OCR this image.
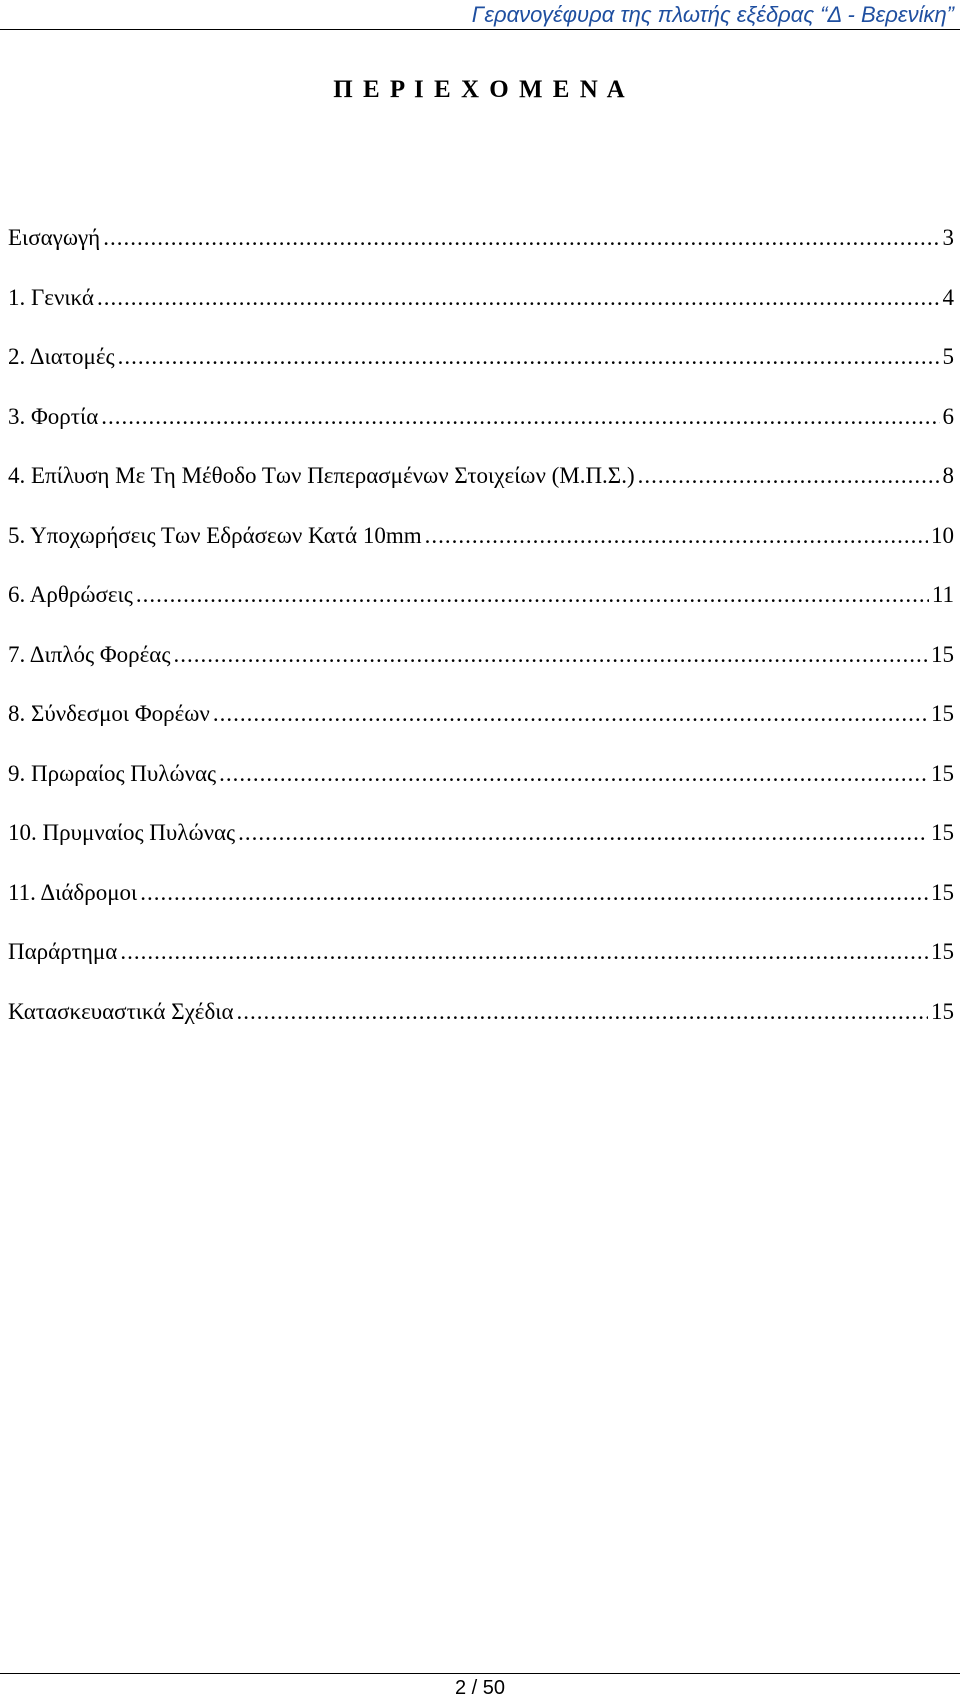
Γερανογέφυρα της πλωτής εξέδρας “Δ - Βερενίκη”
Π Ε Ρ Ι Ε Χ Ο Μ Ε Ν Α
Εισαγωγή .....	3
1. Γενικά .....	4
2. Διατομές .....	5
3. Φορτία .....	6
4. Επίλυση Με Τη Μέθοδο Των Πεπερασμένων Στοιχείων (Μ.Π.Σ.) .....	8
5. Υποχωρήσεις Των Εδράσεων Κατά 10mm .....	10
6. Αρθρώσεις .....	11
7. Διπλός Φορέας .....	15
8. Σύνδεσμοι Φορέων .....	15
9. Πρωραίος Πυλώνας .....	15
10. Πρυμναίος Πυλώνας .....	15
11. Διάδρομοι .....	15
Παράρτημα .....	15
Κατασκευαστικά Σχέδια .....	15
2 / 50
